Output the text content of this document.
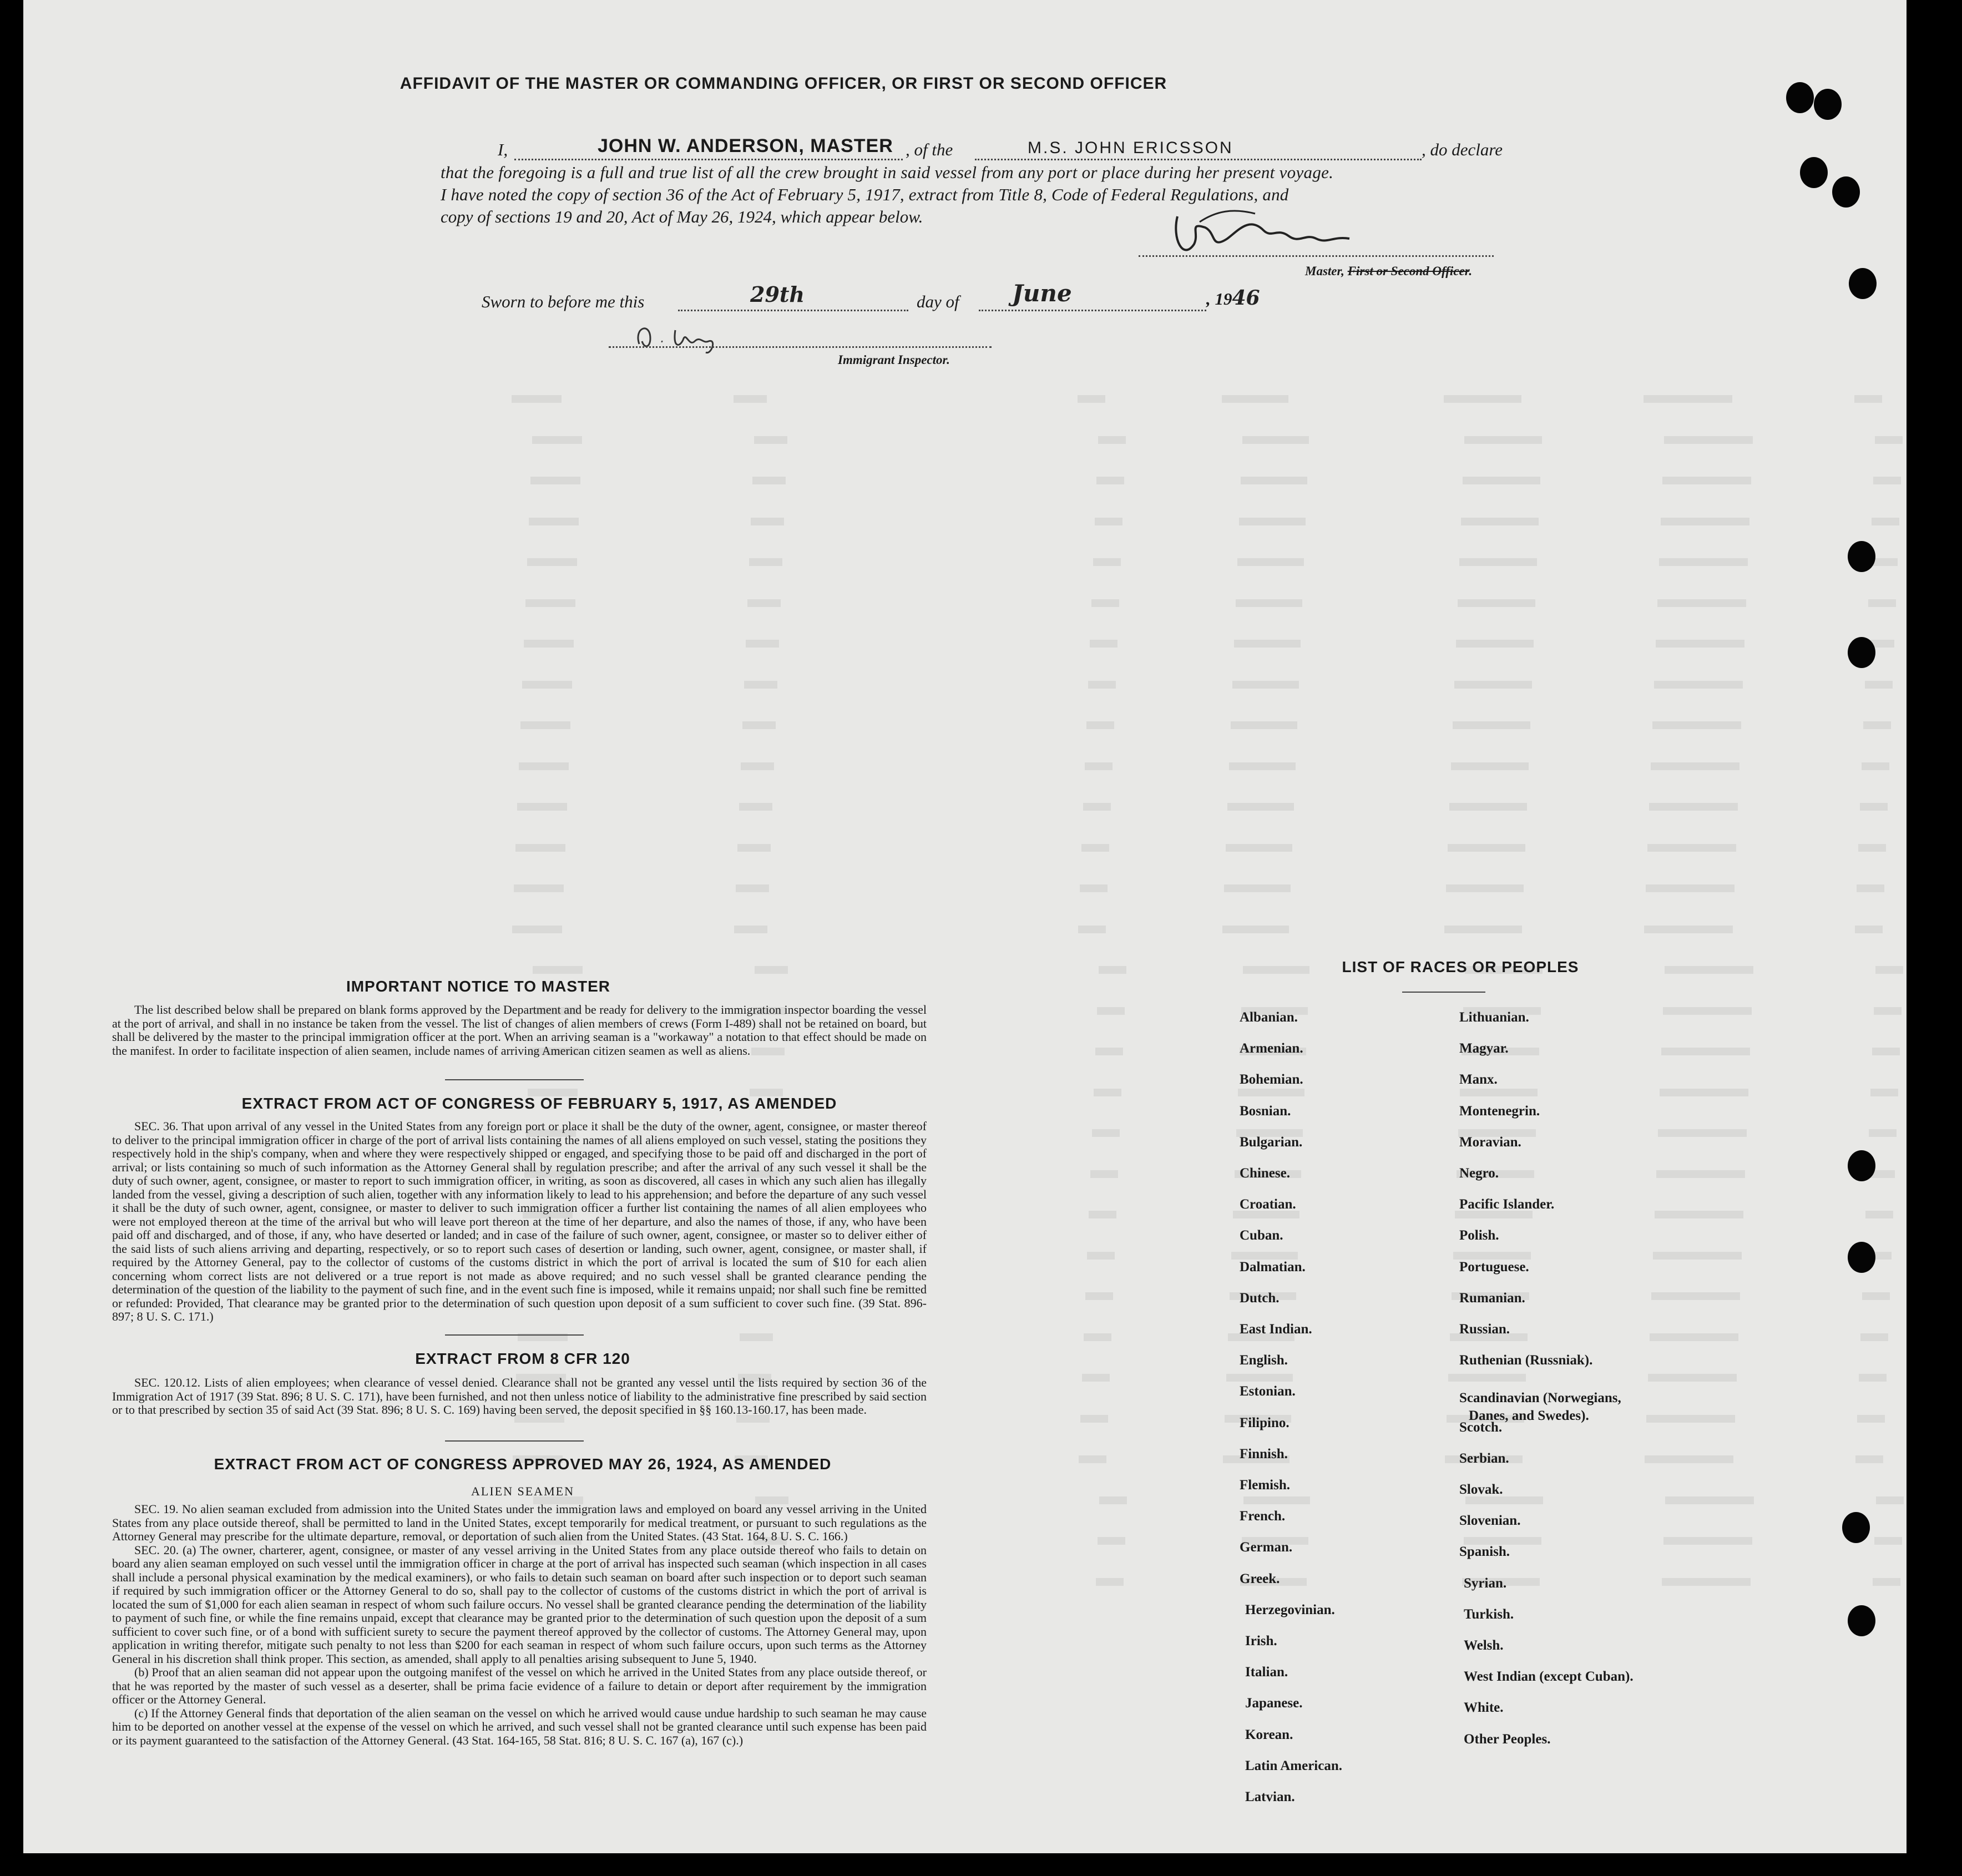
AFFIDAVIT OF THE MASTER OR COMMANDING OFFICER, OR FIRST OR SECOND OFFICER
I,	JOHN W. ANDERSON, MASTER , of the	M.S. JOHN ERICSSON	, do declare
that the foregoing is a full and true list of all the crew brought in said vessel from any port or place during her present voyage.
I have noted the copy of section 36 of the Act of February 5, 1917, extract from Title 8, Code of Federal Regulations, and
copy of sections 19 and 20, Act of May 26, 1924, which appear below.
Master, First or Second Officer.
Sworn to before me this	29th	day of June	, 1946
Immigrant Inspector.
IMPORTANT NOTICE TO MASTER

The list described below shall be prepared on blank forms approved by the Department and be ready for delivery to the immigration inspector boarding the vessel at the port of arrival, and shall in no instance be taken from the vessel. The list of changes of alien members of crews (Form I-489) shall not be retained on board, but shall be delivered by the master to the principal immigration officer at the port. When an arriving seaman is a "workaway" a notation to that effect should be made on the manifest. In order to facilitate inspection of alien seamen, include names of arriving American citizen seamen as well as aliens.

EXTRACT FROM ACT OF CONGRESS OF FEBRUARY 5, 1917, AS AMENDED

SEC. 36. That upon arrival of any vessel in the United States from any foreign port or place it shall be the duty of the owner, agent, consignee, or master thereof to deliver to the principal immigration officer in charge of the port of arrival lists containing the names of all aliens employed on such vessel, stating the positions they respectively hold in the ship's company, when and where they were respectively shipped or engaged, and specifying those to be paid off and discharged in the port of arrival; or lists containing so much of such information as the Attorney General shall by regulation prescribe; and after the arrival of any such vessel it shall be the duty of such owner, agent, consignee, or master to report to such immigration officer, in writing, as soon as discovered, all cases in which any such alien has illegally landed from the vessel, giving a description of such alien, together with any information likely to lead to his apprehension; and before the departure of any such vessel it shall be the duty of such owner, agent, consignee, or master to deliver to such immigration officer a further list containing the names of all alien employees who were not employed thereon at the time of the arrival but who will leave port thereon at the time of her departure, and also the names of those, if any, who have been paid off and discharged, and of those, if any, who have deserted or landed; and in case of the failure of such owner, agent, consignee, or master so to deliver either of the said lists of such aliens arriving and departing, respectively, or so to report such cases of desertion or landing, such owner, agent, consignee, or master shall, if required by the Attorney General, pay to the collector of customs of the customs district in which the port of arrival is located the sum of $10 for each alien concerning whom correct lists are not delivered or a true report is not made as above required; and no such vessel shall be granted clearance pending the determination of the question of the liability to the payment of such fine, and in the event such fine is imposed, while it remains unpaid; nor shall such fine be remitted or refunded: Provided, That clearance may be granted prior to the determination of such question upon deposit of a sum sufficient to cover such fine. (39 Stat. 896-897; 8 U. S. C. 171.)

EXTRACT FROM 8 CFR 120

SEC. 120.12. Lists of alien employees; when clearance of vessel denied. Clearance shall not be granted any vessel until the lists required by section 36 of the Immigration Act of 1917 (39 Stat. 896; 8 U. S. C. 171), have been furnished, and not then unless notice of liability to the administrative fine prescribed by said section or to that prescribed by section 35 of said Act (39 Stat. 896; 8 U. S. C. 169) having been served, the deposit specified in §§ 160.13-160.17, has been made.

EXTRACT FROM ACT OF CONGRESS APPROVED MAY 26, 1924, AS AMENDED
ALIEN SEAMEN

SEC. 19. No alien seaman excluded from admission into the United States under the immigration laws and employed on board any vessel arriving in the United States from any place outside thereof, shall be permitted to land in the United States, except temporarily for medical treatment, or pursuant to such regulations as the Attorney General may prescribe for the ultimate departure, removal, or deportation of such alien from the United States. (43 Stat. 164, 8 U. S. C. 166.)

SEC. 20. (a) The owner, charterer, agent, consignee, or master of any vessel arriving in the United States from any place outside thereof who fails to detain on board any alien seaman employed on such vessel until the immigration officer in charge at the port of arrival has inspected such seaman (which inspection in all cases shall include a personal physical examination by the medical examiners), or who fails to detain such seaman on board after such inspection or to deport such seaman if required by such immigration officer or the Attorney General to do so, shall pay to the collector of customs of the customs district in which the port of arrival is located the sum of $1,000 for each alien seaman in respect of whom such failure occurs. No vessel shall be granted clearance pending the determination of the liability to payment of such fine, or while the fine remains unpaid, except that clearance may be granted prior to the determination of such question upon the deposit of a sum sufficient to cover such fine, or of a bond with sufficient surety to secure the payment thereof approved by the collector of customs. The Attorney General may, upon application in writing therefor, mitigate such penalty to not less than $200 for each seaman in respect of whom such failure occurs, upon such terms as the Attorney General in his discretion shall think proper. This section, as amended, shall apply to all penalties arising subsequent to June 5, 1940.

(b) Proof that an alien seaman did not appear upon the outgoing manifest of the vessel on which he arrived in the United States from any place outside thereof, or that he was reported by the master of such vessel as a deserter, shall be prima facie evidence of a failure to detain or deport after requirement by the immigration officer or the Attorney General.

(c) If the Attorney General finds that deportation of the alien seaman on the vessel on which he arrived would cause undue hardship to such seaman he may cause him to be deported on another vessel at the expense of the vessel on which he arrived, and such vessel shall not be granted clearance until such expense has been paid or its payment guaranteed to the satisfaction of the Attorney General. (43 Stat. 164-165, 58 Stat. 816; 8 U. S. C. 167 (a), 167 (c).)

LIST OF RACES OR PEOPLES
Albanian.
Armenian.
Bohemian.
Bosnian.
Bulgarian.
Chinese.
Croatian.
Cuban.
Dalmatian.
Dutch.
East Indian.
English.
Estonian.
Filipino.
Finnish.
Flemish.
French.
German.
Greek.
Herzegovinian.
Irish.
Italian.
Japanese.
Korean.
Latin American.
Latvian.
Lithuanian.
Magyar.
Manx.
Montenegrin.
Moravian.
Negro.
Pacific Islander.
Polish.
Portuguese.
Rumanian.
Russian.
Ruthenian (Russniak).
Scandinavian (Norwegians,
Danes, and Swedes).
Scotch.
Serbian.
Slovak.
Slovenian.
Spanish.
Syrian.
Turkish.
Welsh.
West Indian (except Cuban).
White.
Other Peoples.
